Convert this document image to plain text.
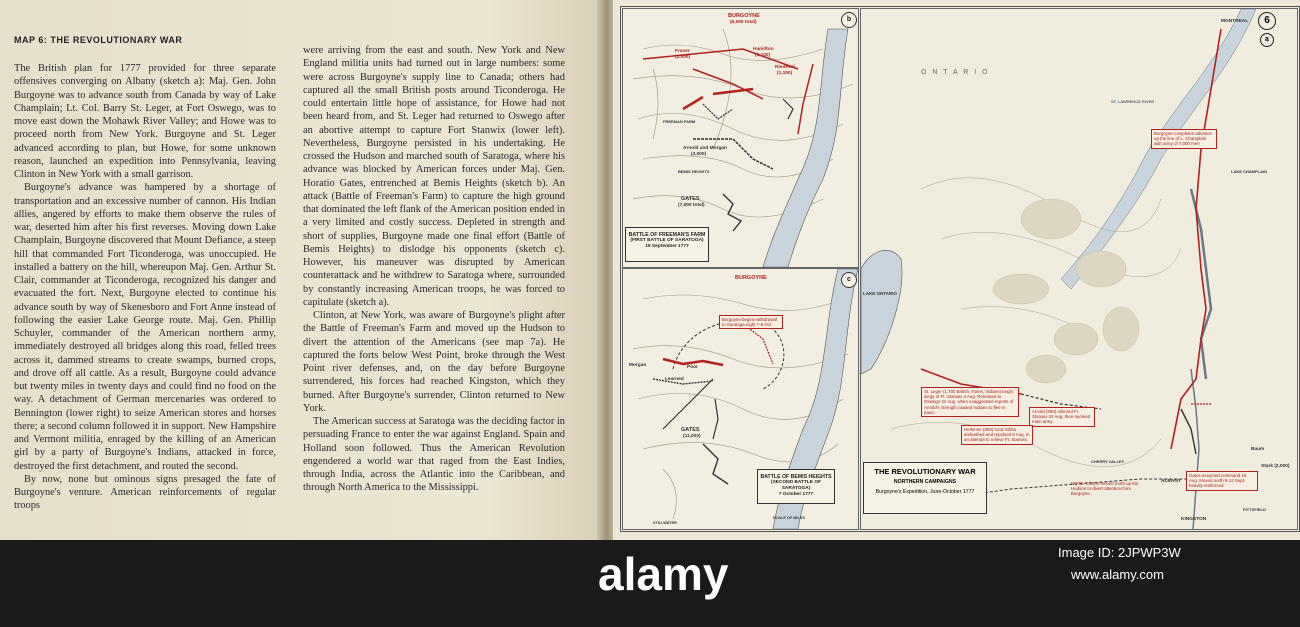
MAP 6: THE REVOLUTIONARY WAR

The British plan for 1777 provided for three separate offensives converging on Albany (sketch a): Maj. Gen. John Burgoyne was to advance south from Canada by way of Lake Champlain; Lt. Col. Barry St. Leger, at Fort Oswego, was to move east down the Mohawk River Valley; and Howe was to proceed north from New York. Burgoyne and St. Leger advanced according to plan, but Howe, for some unknown reason, launched an expedition into Pennsylvania, leaving Clinton in New York with a small garrison.

Burgoyne's advance was hampered by a shortage of transportation and an excessive number of cannon. His Indian allies, angered by efforts to make them observe the rules of war, deserted him after his first reverses. Moving down Lake Champlain, Burgoyne discovered that Mount Defiance, a steep hill that commanded Fort Ticonderoga, was unoccupied. He installed a battery on the hill, whereupon Maj. Gen. Arthur St. Clair, commander at Ticonderoga, recognized his danger and evacuated the fort. Next, Burgoyne elected to continue his advance south by way of Skenesboro and Fort Anne instead of following the easier Lake George route. Maj. Gen. Phillip Schuyler, commander of the American northern army, immediately destroyed all bridges along this road, felled trees across it, dammed streams to create swamps, burned crops, and drove off all cattle. As a result, Burgoyne could advance but twenty miles in twenty days and could find no food on the way. A detachment of German mercenaries was ordered to Bennington (lower right) to seize American stores and horses there; a second column followed it in support. New Hampshire and Vermont militia, enraged by the killing of an American girl by a party of Burgoyne's Indians, attacked in force, destroyed the first detachment, and routed the second.

By now, none but ominous signs presaged the fate of Burgoyne's venture. American reinforcements of regular troops

were arriving from the east and south. New York and New England militia units had turned out in large numbers: some were across Burgoyne's supply line to Canada; others had captured all the small British posts around Ticonderoga. He could entertain little hope of assistance, for Howe had not been heard from, and St. Leger had returned to Oswego after an abortive attempt to capture Fort Stanwix (lower left). Nevertheless, Burgoyne persisted in his undertaking. He crossed the Hudson and marched south of Saratoga, where his advance was blocked by American forces under Maj. Gen. Horatio Gates, entrenched at Bemis Heights (sketch b). An attack (Battle of Freeman's Farm) to capture the high ground that dominated the left flank of the American position ended in a very limited and costly success. Depleted in strength and short of supplies, Burgoyne made one final effort (Battle of Bemis Heights) to dislodge his opponents (sketch c). However, his maneuver was disrupted by American counterattack and he withdrew to Saratoga where, surrounded by constantly increasing American troops, he was forced to capitulate (sketch a).

Clinton, at New York, was aware of Burgoyne's plight after the Battle of Freeman's Farm and moved up the Hudson to divert the attention of the Americans (see map 7a). He captured the forts below West Point, broke through the West Point river defenses, and, on the day before Burgoyne surrendered, his forces had reached Kingston, which they burned. After Burgoyne's surrender, Clinton returned to New York.

The American success at Saratoga was the deciding factor in persuading France to enter the war against England. Spain and Holland soon followed. Thus the American Revolution engendered a world war that raged from the East Indies, through India, across the Atlantic into the Caribbean, and through North America to the Mississippi.

BURGOYNE
(6,000 total)
Fraser
(2,000)
Hamilton
(1,100)
Riedesel
(1,100)
FREEMAN FARM
Arnold and Morgan
(3,000)
BEMIS HEIGHTS
GATES
(7,000 total)
BATTLE OF FREEMAN'S FARM
(FIRST BATTLE OF SARATOGA)
19 September 1777
b
BURGOYNE
Burgoyne begins withdrawal to Saratoga night 7-8 Oct
Morgan	Poor
Learned
GATES
(11,000)
BATTLE OF BEMIS HEIGHTS
(SECOND BATTLE OF SARATOGA)
7 October 1777
SCALE OF MILES
STILLWATER
c
O N T A R I O
LAKE ONTARIO
MONTREAL
ST. LAWRENCE RIVER
LAKE CHAMPLAIN
CHERRY VALLEY
ALBANY
KINGSTON
PITTSFIELD
St. Leger (1,700 British, Tories, Indians) begin siege of Ft. Stanwix 3 Aug. Retreated to Oswego 22 Aug. when exaggerated reports of Arnold's strength caused Indians to flee in panic.	Arnold (950) relieved Ft. Stanwix 24 Aug. then rejoined main army.
Herkimer (800) local militia ambushed and repulsed 6 Aug. in an attempt to relieve Ft. Stanwix.
Burgoyne completes advance up the line of L. Champlain with army of 7,000 men
Gates assumed command 19 Aug. Moved north 8-12 Sept. heavily reinforced.
Stark (2,000)
Baum
NOTE: Clinton moved north up the Hudson to divert attention from Burgoyne.
THE REVOLUTIONARY WAR
NORTHERN CAMPAIGNS
Burgoyne's Expedition, June-October 1777
6
a
alamy	Image ID: 2JPWP3W
www.alamy.com
